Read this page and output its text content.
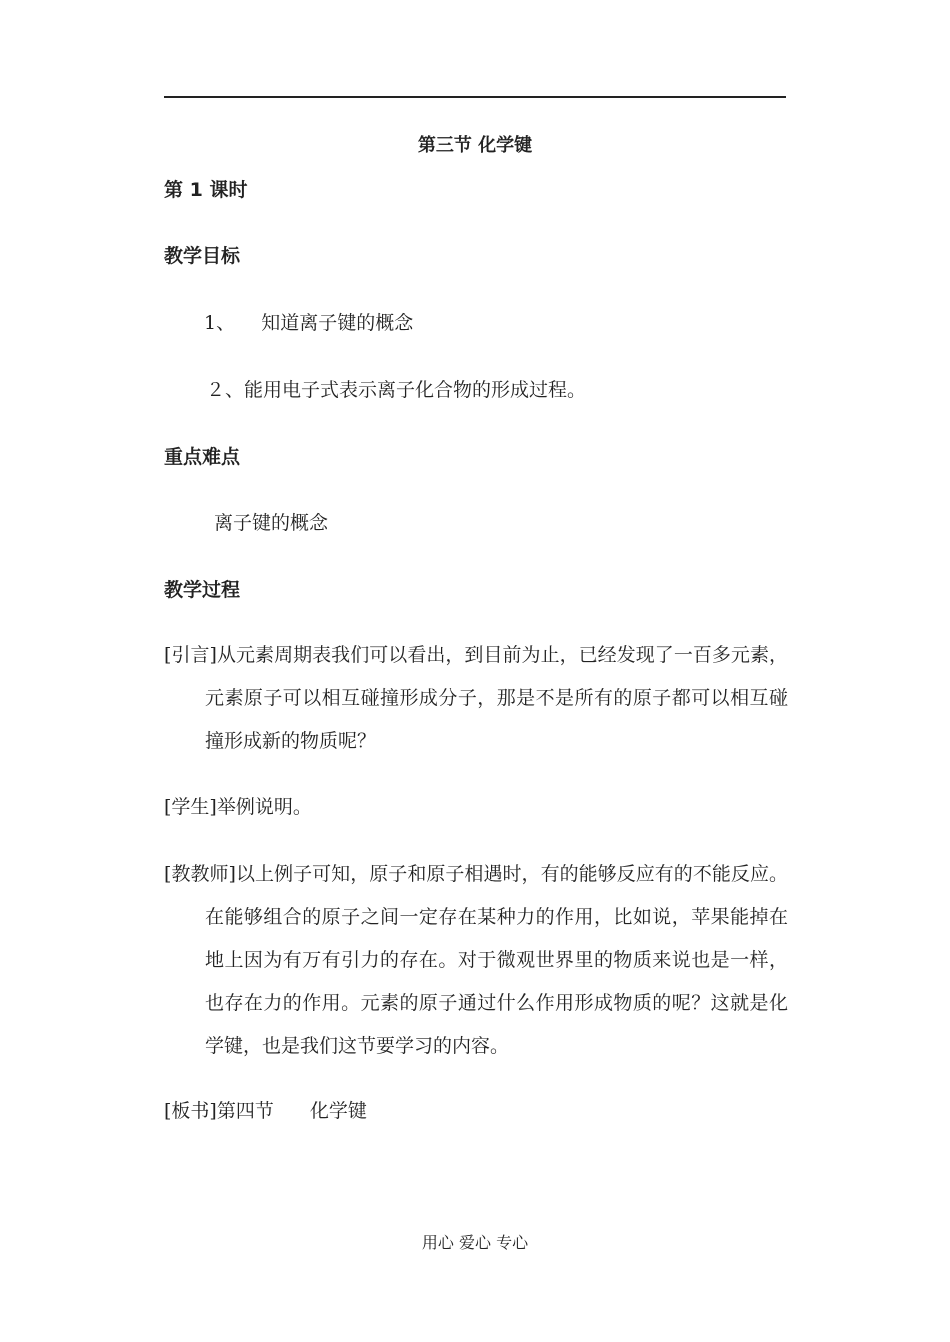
第三节 化学键
第 1 课时
教学目标
1、 知道离子键的概念
２、能用电子式表示离子化合物的形成过程。
重点难点
离子键的概念
教学过程
[引言]从元素周期表我们可以看出，到目前为止，已经发现了一百多元素，元素原子可以相互碰撞形成分子，那是不是所有的原子都可以相互碰撞形成新的物质呢？
[学生]举例说明。
[教教师]以上例子可知，原子和原子相遇时，有的能够反应有的不能反应。在能够组合的原子之间一定存在某种力的作用，比如说，苹果能掉在地上因为有万有引力的存在。对于微观世界里的物质来说也是一样，也存在力的作用。元素的原子通过什么作用形成物质的呢？这就是化学键，也是我们这节要学习的内容。
[板书]第四节 化学键
用心 爱心 专心
